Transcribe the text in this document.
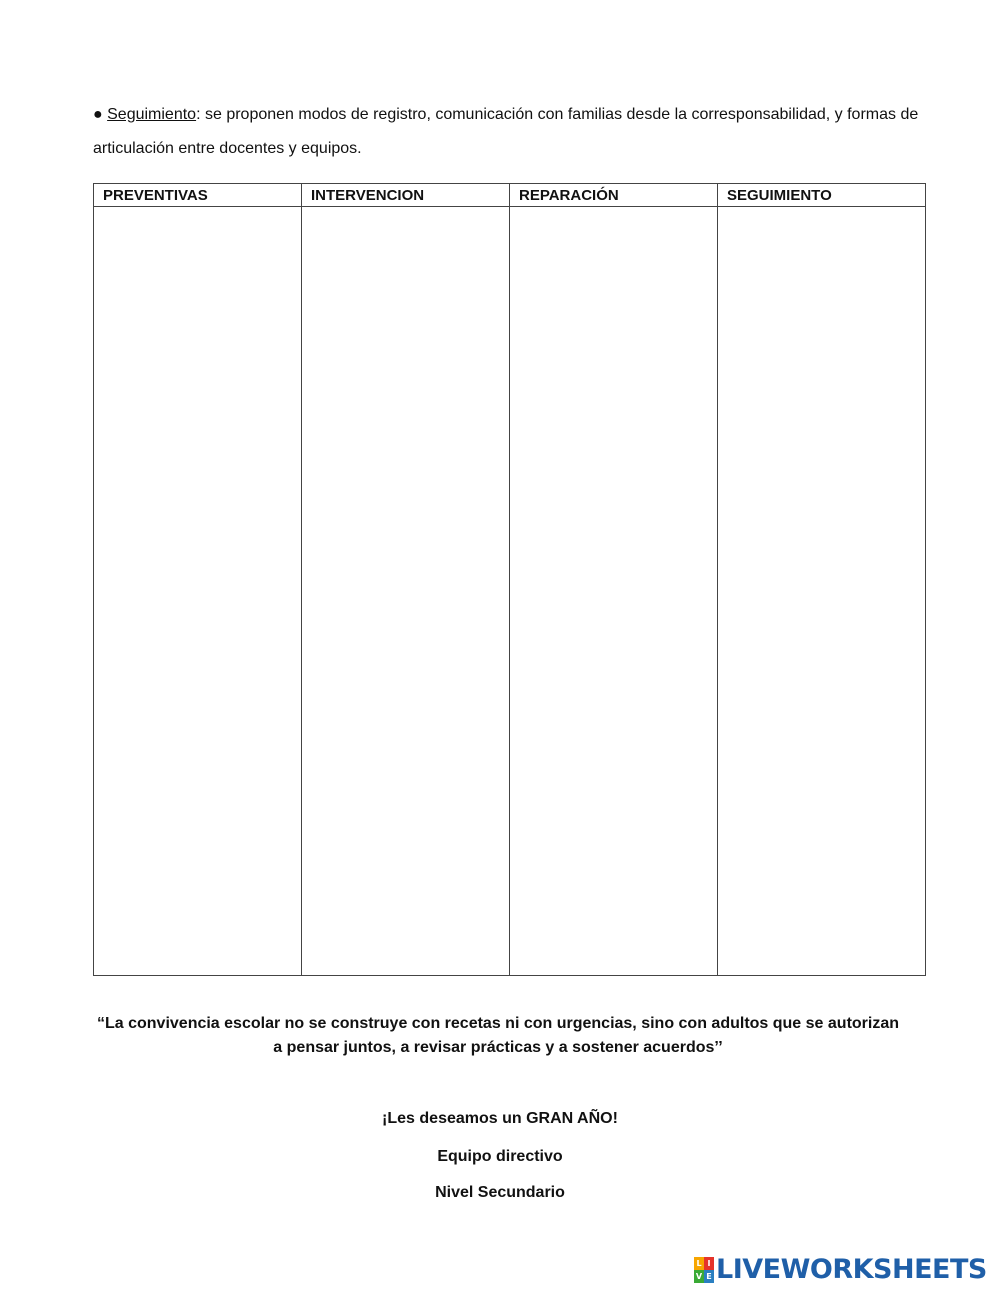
● Seguimiento: se proponen modos de registro, comunicación con familias desde la corresponsabilidad, y formas de articulación entre docentes y equipos.

PREVENTIVAS	INTERVENCION	REPARACIÓN	SEGUIMIENTO

“La convivencia escolar no se construye con recetas ni con urgencias, sino con adultos que se autorizan a pensar juntos, a revisar prácticas y a sostener acuerdos’’

¡Les deseamos un GRAN AÑO!

Equipo directivo

Nivel Secundario

L I
V E LIVEWORKSHEETS
